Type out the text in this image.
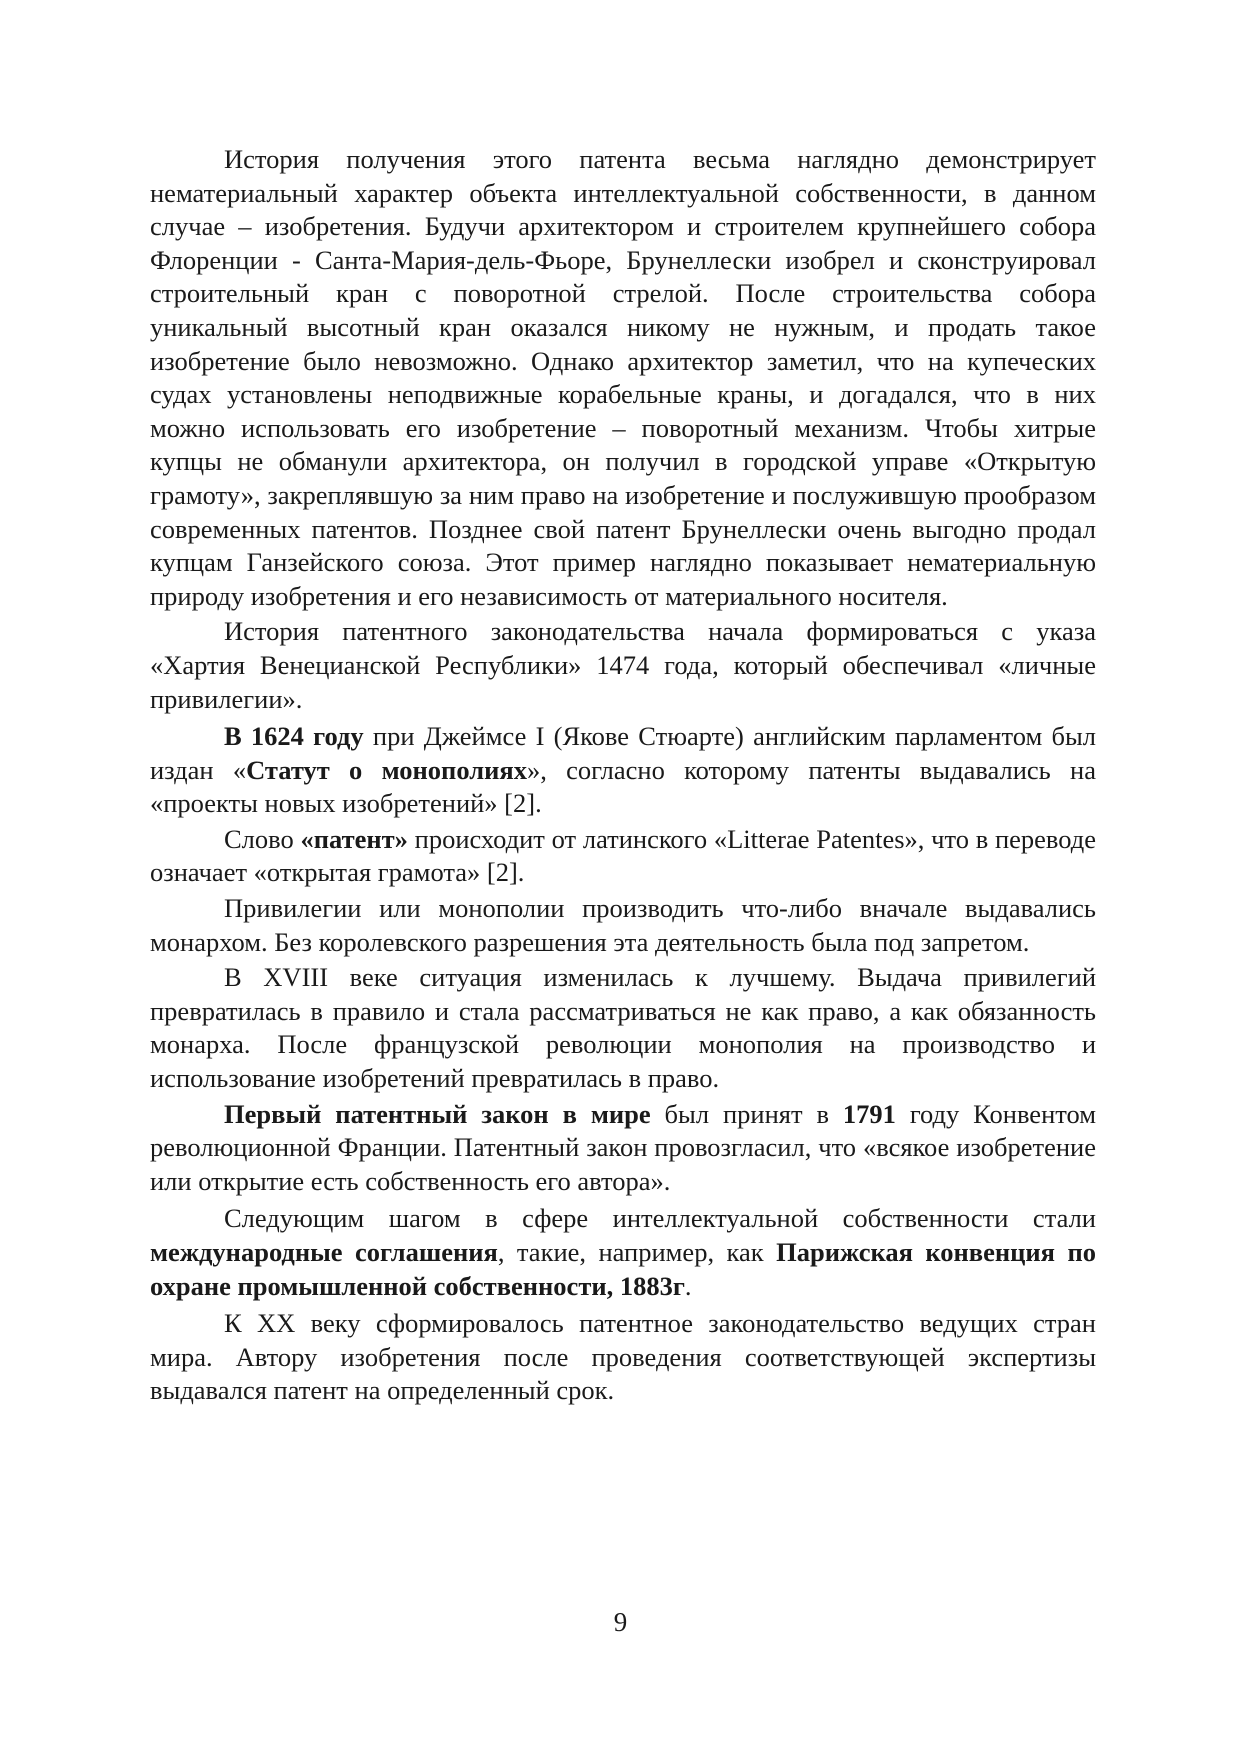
История получения этого патента весьма наглядно демонстрирует нематериальный характер объекта интеллектуальной собственности, в данном случае – изобретения. Будучи архитектором и строителем крупнейшего собора Флоренции - Санта-Мария-дель-Фьоре, Брунеллески изобрел и сконструировал строительный кран с поворотной стрелой. После строительства собора уникальный высотный кран оказался никому не нужным, и продать такое изобретение было невозможно. Однако архитектор заметил, что на купеческих судах установлены неподвижные корабельные краны, и догадался, что в них можно использовать его изобретение – поворотный механизм. Чтобы хитрые купцы не обманули архитектора, он получил в городской управе «Открытую грамоту», закреплявшую за ним право на изобретение и послужившую прообразом современных патентов. Позднее свой патент Брунеллески очень выгодно продал купцам Ганзейского союза. Этот пример наглядно показывает нематериальную природу изобретения и его независимость от материального носителя.

История патентного законодательства начала формироваться с указа «Хартия Венецианской Республики» 1474 года, который обеспечивал «личные привилегии».

В 1624 году при Джеймсе I (Якове Стюарте) английским парламентом был издан «Статут о монополиях», согласно которому патенты выдавались на «проекты новых изобретений» [2].

Слово «патент» происходит от латинского «Litterae Patentes», что в переводе означает «открытая грамота» [2].

Привилегии или монополии производить что-либо вначале выдавались монархом. Без королевского разрешения эта деятельность была под запретом.

В XVIII веке ситуация изменилась к лучшему. Выдача привилегий превратилась в правило и стала рассматриваться не как право, а как обязанность монарха. После французской революции монополия на производство и использование изобретений превратилась в право.

Первый патентный закон в мире был принят в 1791 году Конвентом революционной Франции. Патентный закон провозгласил, что «всякое изобретение или открытие есть собственность его автора».

Следующим шагом в сфере интеллектуальной собственности стали международные соглашения, такие, например, как Парижская конвенция по охране промышленной собственности, 1883г.

К XX веку сформировалось патентное законодательство ведущих стран мира. Автору изобретения после проведения соответствующей экспертизы выдавался патент на определенный срок.

9
